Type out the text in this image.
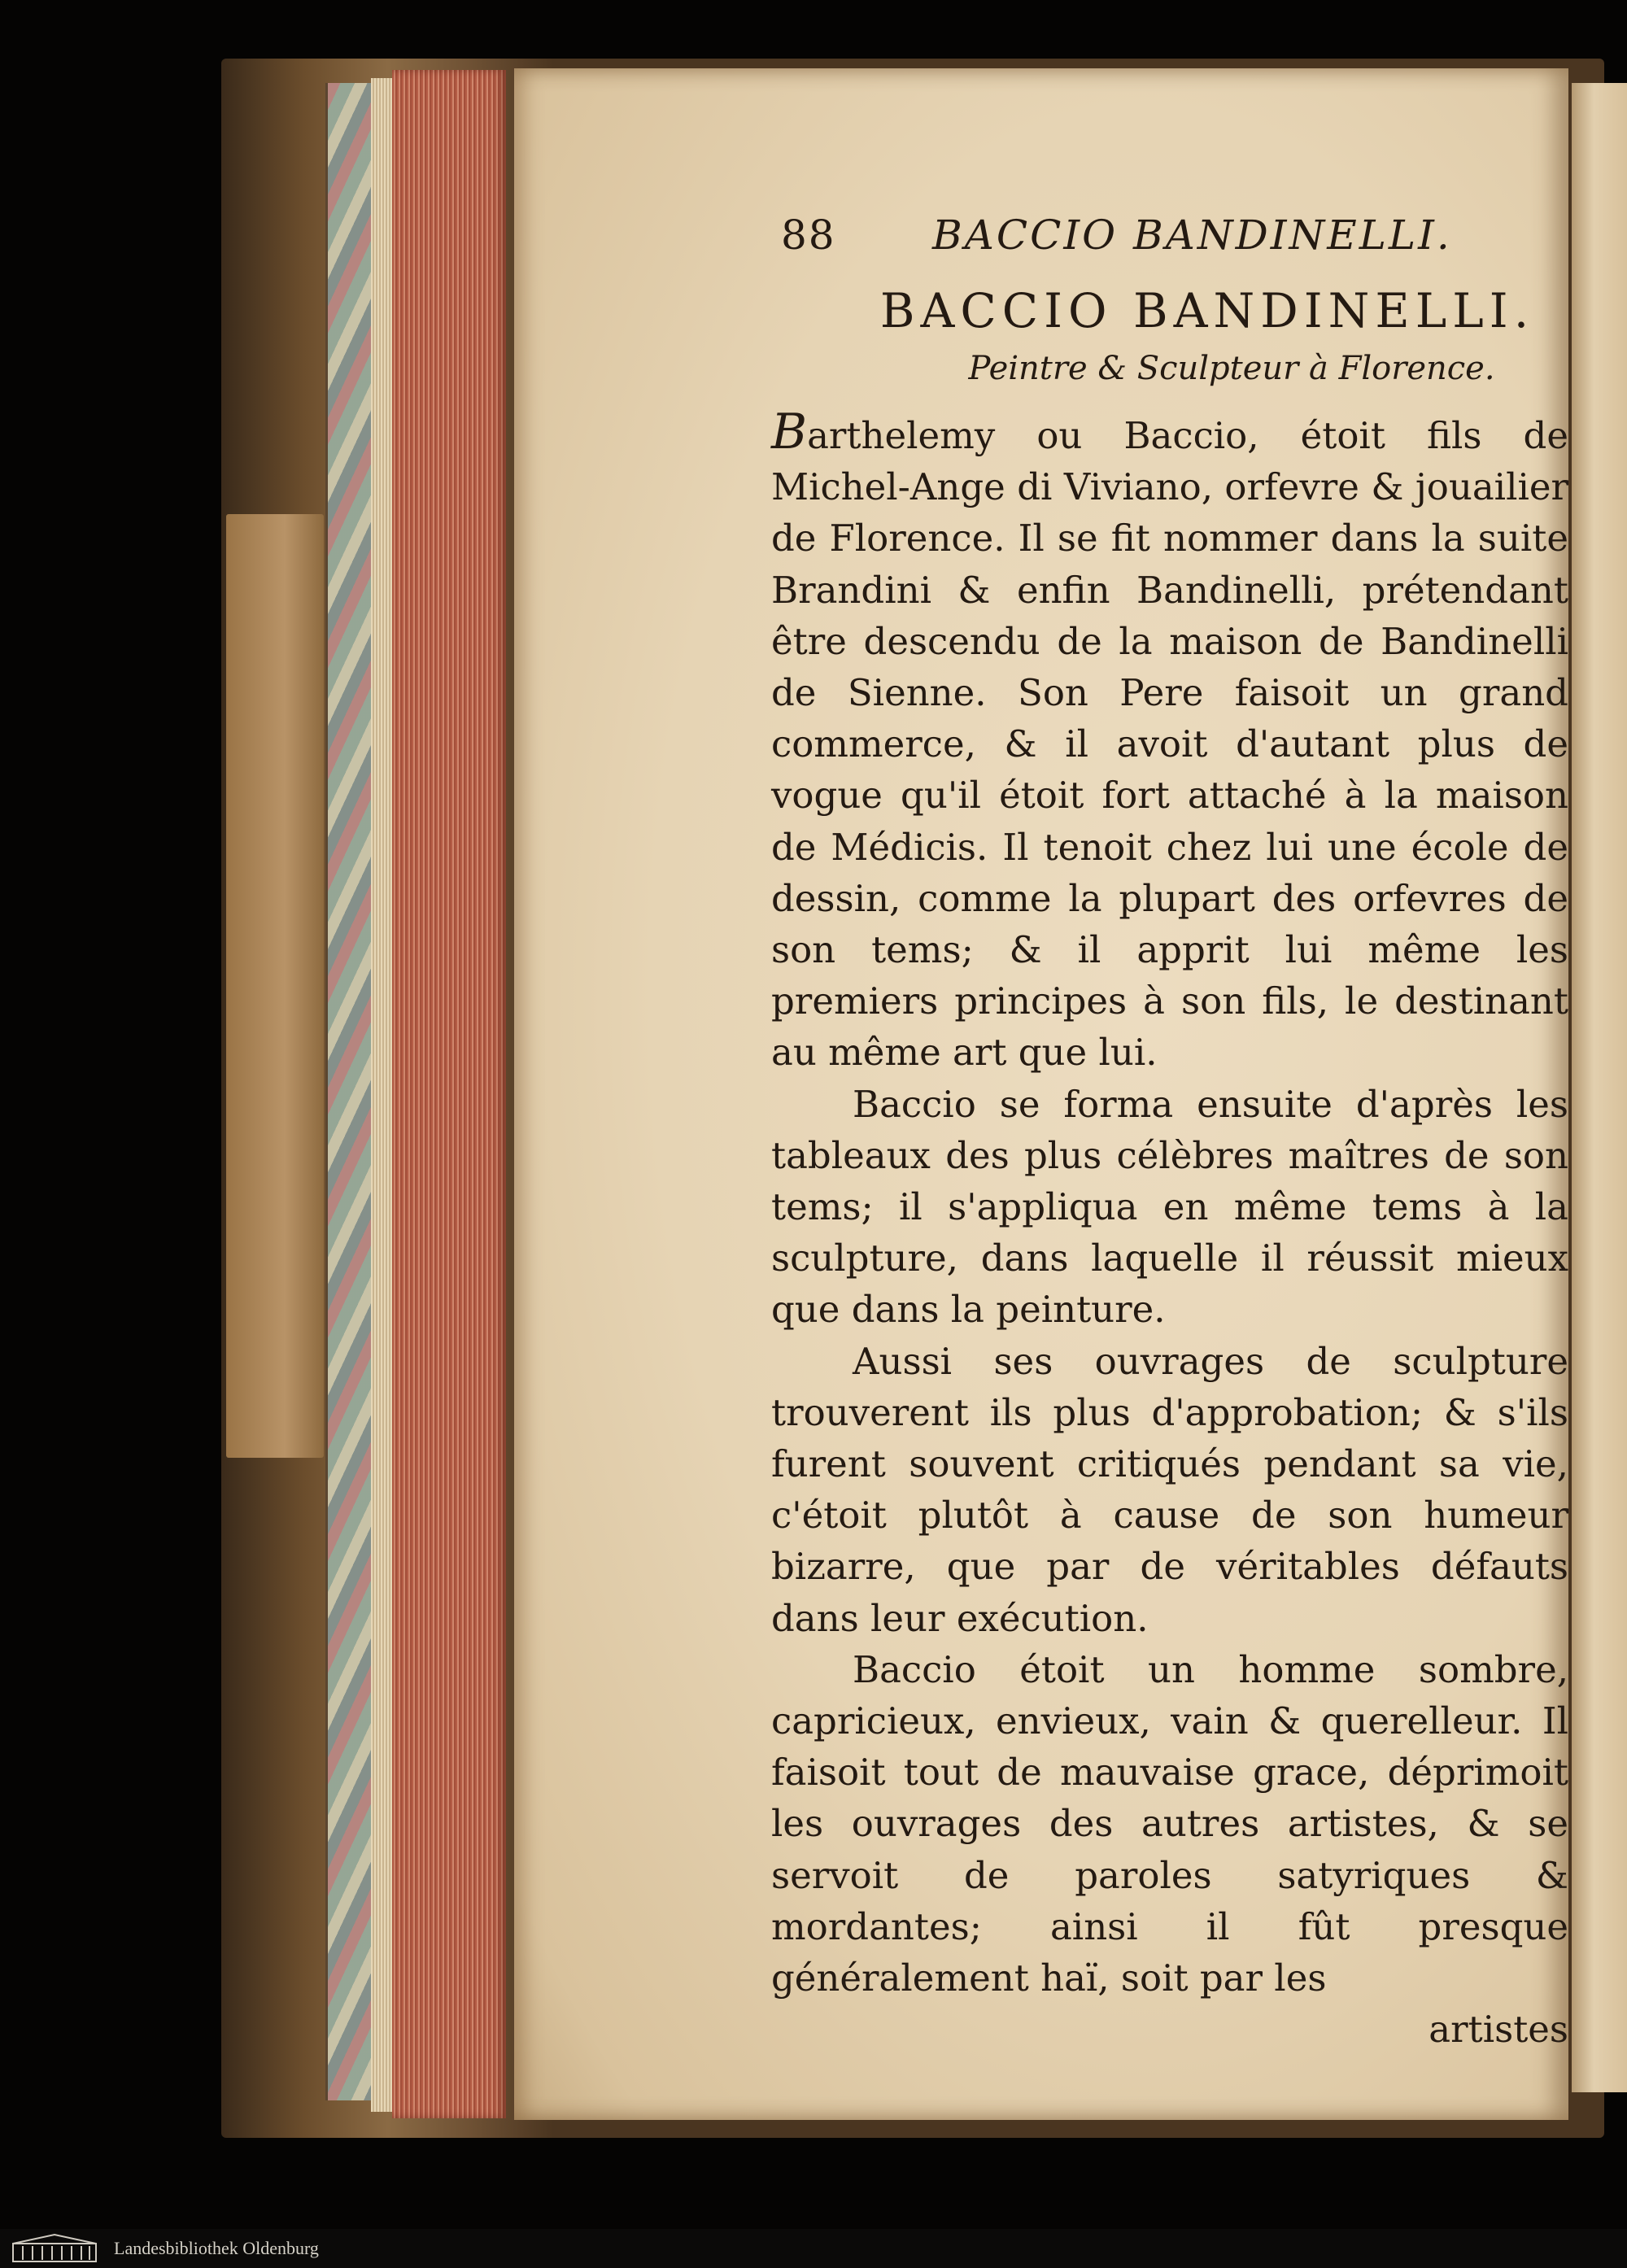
88 BACCIO BANDINELLI.
BACCIO BANDINELLI.
Peintre & Sculpteur à Florence.

Barthelemy ou Baccio, étoit fils de Michel-Ange di Viviano, orfevre & jouailier de Florence. Il se fit nommer dans la suite Brandini & enfin Bandinelli, prétendant être descendu de la maison de Bandinelli de Sienne. Son Pere faisoit un grand commerce, & il avoit d'autant plus de vogue qu'il étoit fort attaché à la maison de Médicis. Il tenoit chez lui une école de dessin, comme la plupart des orfevres de son tems; & il apprit lui même les premiers principes à son fils, le destinant au même art que lui.

Baccio se forma ensuite d'après les tableaux des plus célèbres maîtres de son tems; il s'appliqua en même tems à la sculpture, dans laquelle il réussit mieux que dans la peinture.

Aussi ses ouvrages de sculpture trouverent ils plus d'approbation; & s'ils furent souvent critiqués pendant sa vie, c'étoit plutôt à cause de son humeur bizarre, que par de véritables défauts dans leur exécution.

Baccio étoit un homme sombre, capricieux, envieux, vain & querelleur. Il faisoit tout de mauvaise grace, déprimoit les ouvrages des autres artistes, & se servoit de paroles satyriques & mordantes; ainsi il fût presque généralement haï, soit par les

artistes

Landesbibliothek Oldenburg
